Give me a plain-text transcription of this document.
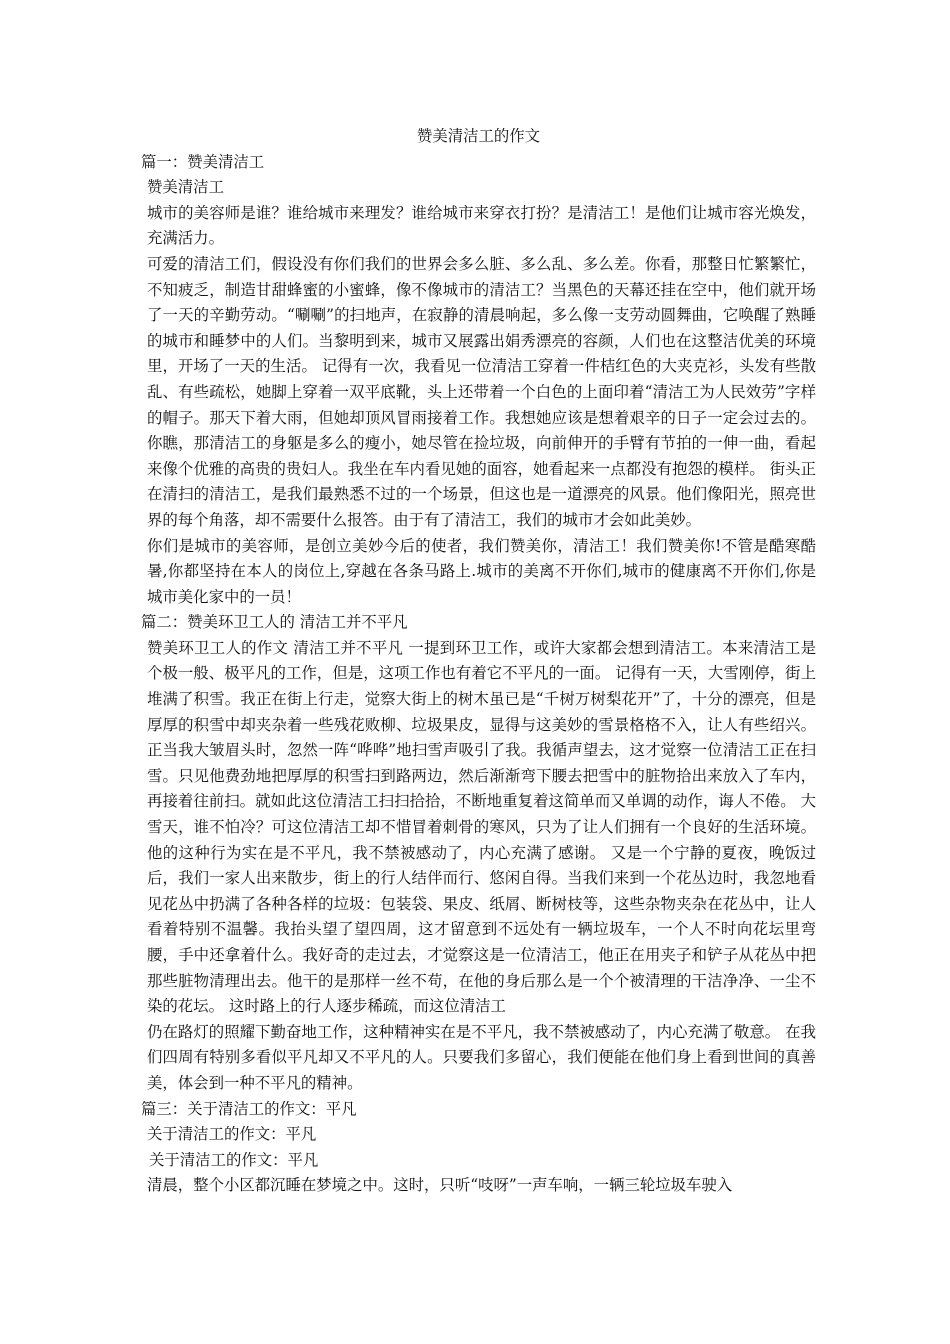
赞美清洁工的作文

篇一：赞美清洁工

赞美清洁工

城市的美容师是谁？谁给城市来理发？谁给城市来穿衣打扮？是清洁工！是他们让城市容光焕发，充满活力。

可爱的清洁工们，假设没有你们我们的世界会多么脏、多么乱、多么差。你看，那整日忙繁繁忙，不知疲乏，制造甘甜蜂蜜的小蜜蜂，像不像城市的清洁工？当黑色的天幕还挂在空中，他们就开场了一天的辛勤劳动。“唰唰”的扫地声，在寂静的清晨响起，多么像一支劳动圆舞曲，它唤醒了熟睡的城市和睡梦中的人们。当黎明到来，城市又展露出娟秀漂亮的容颜，人们也在这整洁优美的环境里，开场了一天的生活。 记得有一次，我看见一位清洁工穿着一件桔红色的大夹克衫，头发有些散乱、有些疏松，她脚上穿着一双平底靴，头上还带着一个白色的上面印着“清洁工为人民效劳”字样的帽子。那天下着大雨，但她却顶风冒雨接着工作。我想她应该是想着艰辛的日子一定会过去的。你瞧，那清洁工的身躯是多么的瘦小，她尽管在捡垃圾，向前伸开的手臂有节拍的一伸一曲，看起来像个优雅的高贵的贵妇人。我坐在车内看见她的面容，她看起来一点都没有抱怨的模样。 街头正在清扫的清洁工，是我们最熟悉不过的一个场景，但这也是一道漂亮的风景。他们像阳光，照亮世界的每个角落，却不需要什么报答。由于有了清洁工，我们的城市才会如此美妙。

你们是城市的美容师，是创立美妙今后的使者，我们赞美你，清洁工！我们赞美你!不管是酷寒酷暑,你都坚持在本人的岗位上,穿越在各条马路上.城市的美离不开你们,城市的健康离不开你们,你是城市美化家中的一员！

篇二：赞美环卫工人的 清洁工并不平凡

赞美环卫工人的作文 清洁工并不平凡 一提到环卫工作，或许大家都会想到清洁工。本来清洁工是个极一般、极平凡的工作，但是，这项工作也有着它不平凡的一面。 记得有一天，大雪刚停，街上堆满了积雪。我正在街上行走，觉察大街上的树木虽已是“千树万树梨花开”了，十分的漂亮，但是厚厚的积雪中却夹杂着一些残花败柳、垃圾果皮，显得与这美妙的雪景格格不入，让人有些绍兴。正当我大皱眉头时，忽然一阵“哗哗”地扫雪声吸引了我。我循声望去，这才觉察一位清洁工正在扫雪。只见他费劲地把厚厚的积雪扫到路两边，然后渐渐弯下腰去把雪中的脏物拾出来放入了车内，再接着往前扫。就如此这位清洁工扫扫拾拾，不断地重复着这简单而又单调的动作，诲人不倦。 大雪天，谁不怕冷？可这位清洁工却不惜冒着刺骨的寒风，只为了让人们拥有一个良好的生活环境。他的这种行为实在是不平凡，我不禁被感动了，内心充满了感谢。 又是一个宁静的夏夜，晚饭过后，我们一家人出来散步，街上的行人结伴而行、悠闲自得。当我们来到一个花丛边时，我忽地看见花丛中扔满了各种各样的垃圾：包装袋、果皮、纸屑、断树枝等，这些杂物夹杂在花丛中，让人看着特别不温馨。我抬头望了望四周，这才留意到不远处有一辆垃圾车，一个人不时向花坛里弯腰，手中还拿着什么。我好奇的走过去，才觉察这是一位清洁工，他正在用夹子和铲子从花丛中把那些脏物清理出去。他干的是那样一丝不苟，在他的身后那么是一个个被清理的干洁净净、一尘不染的花坛。 这时路上的行人逐步稀疏，而这位清洁工

仍在路灯的照耀下勤奋地工作，这种精神实在是不平凡，我不禁被感动了，内心充满了敬意。 在我们四周有特别多看似平凡却又不平凡的人。只要我们多留心，我们便能在他们身上看到世间的真善美，体会到一种不平凡的精神。

篇三：关于清洁工的作文：平凡

关于清洁工的作文：平凡

关于清洁工的作文：平凡

清晨，整个小区都沉睡在梦境之中。这时，只听“吱呀”一声车响，一辆三轮垃圾车驶入
